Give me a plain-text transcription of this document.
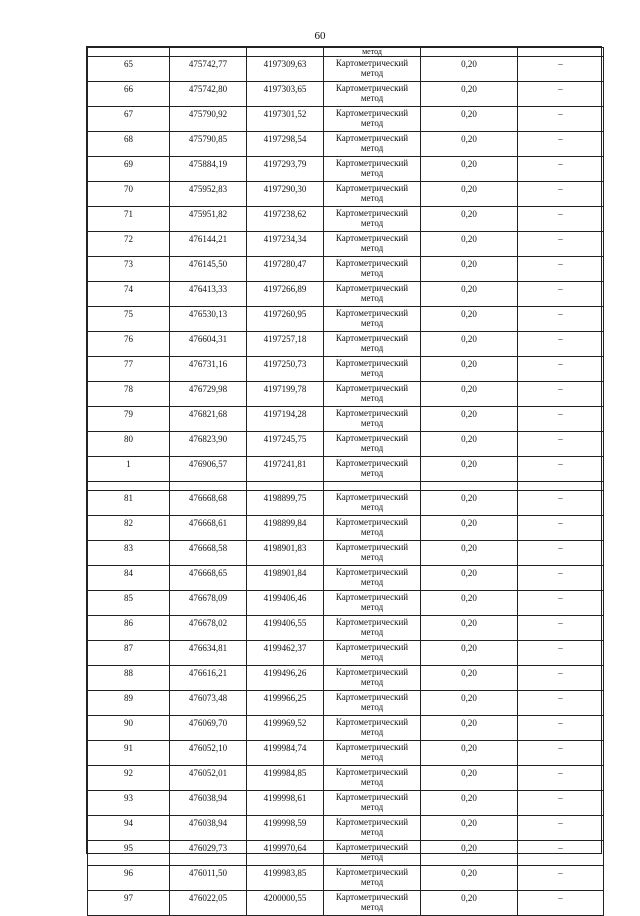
60
			метод		
65	475742,77	4197309,63	Картометрический
метод	0,20	–
66	475742,80	4197303,65	Картометрический
метод	0,20	–
67	475790,92	4197301,52	Картометрический
метод	0,20	–
68	475790,85	4197298,54	Картометрический
метод	0,20	–
69	475884,19	4197293,79	Картометрический
метод	0,20	–
70	475952,83	4197290,30	Картометрический
метод	0,20	–
71	475951,82	4197238,62	Картометрический
метод	0,20	–
72	476144,21	4197234,34	Картометрический
метод	0,20	–
73	476145,50	4197280,47	Картометрический
метод	0,20	–
74	476413,33	4197266,89	Картометрический
метод	0,20	–
75	476530,13	4197260,95	Картометрический
метод	0,20	–
76	476604,31	4197257,18	Картометрический
метод	0,20	–
77	476731,16	4197250,73	Картометрический
метод	0,20	–
78	476729,98	4197199,78	Картометрический
метод	0,20	–
79	476821,68	4197194,28	Картометрический
метод	0,20	–
80	476823,90	4197245,75	Картометрический
метод	0,20	–
1	476906,57	4197241,81	Картометрический
метод	0,20	–

81	476668,68	4198899,75	Картометрический
метод	0,20	–
82	476668,61	4198899,84	Картометрический
метод	0,20	–
83	476668,58	4198901,83	Картометрический
метод	0,20	–
84	476668,65	4198901,84	Картометрический
метод	0,20	–
85	476678,09	4199406,46	Картометрический
метод	0,20	–
86	476678,02	4199406,55	Картометрический
метод	0,20	–
87	476634,81	4199462,37	Картометрический
метод	0,20	–
88	476616,21	4199496,26	Картометрический
метод	0,20	–
89	476073,48	4199966,25	Картометрический
метод	0,20	–
90	476069,70	4199969,52	Картометрический
метод	0,20	–
91	476052,10	4199984,74	Картометрический
метод	0,20	–
92	476052,01	4199984,85	Картометрический
метод	0,20	–
93	476038,94	4199998,61	Картометрический
метод	0,20	–
94	476038,94	4199998,59	Картометрический
метод	0,20	–
95	476029,73	4199970,64	Картометрический
метод	0,20	–
96	476011,50	4199983,85	Картометрический
метод	0,20	–
97	476022,05	4200000,55	Картометрический
метод	0,20	–
